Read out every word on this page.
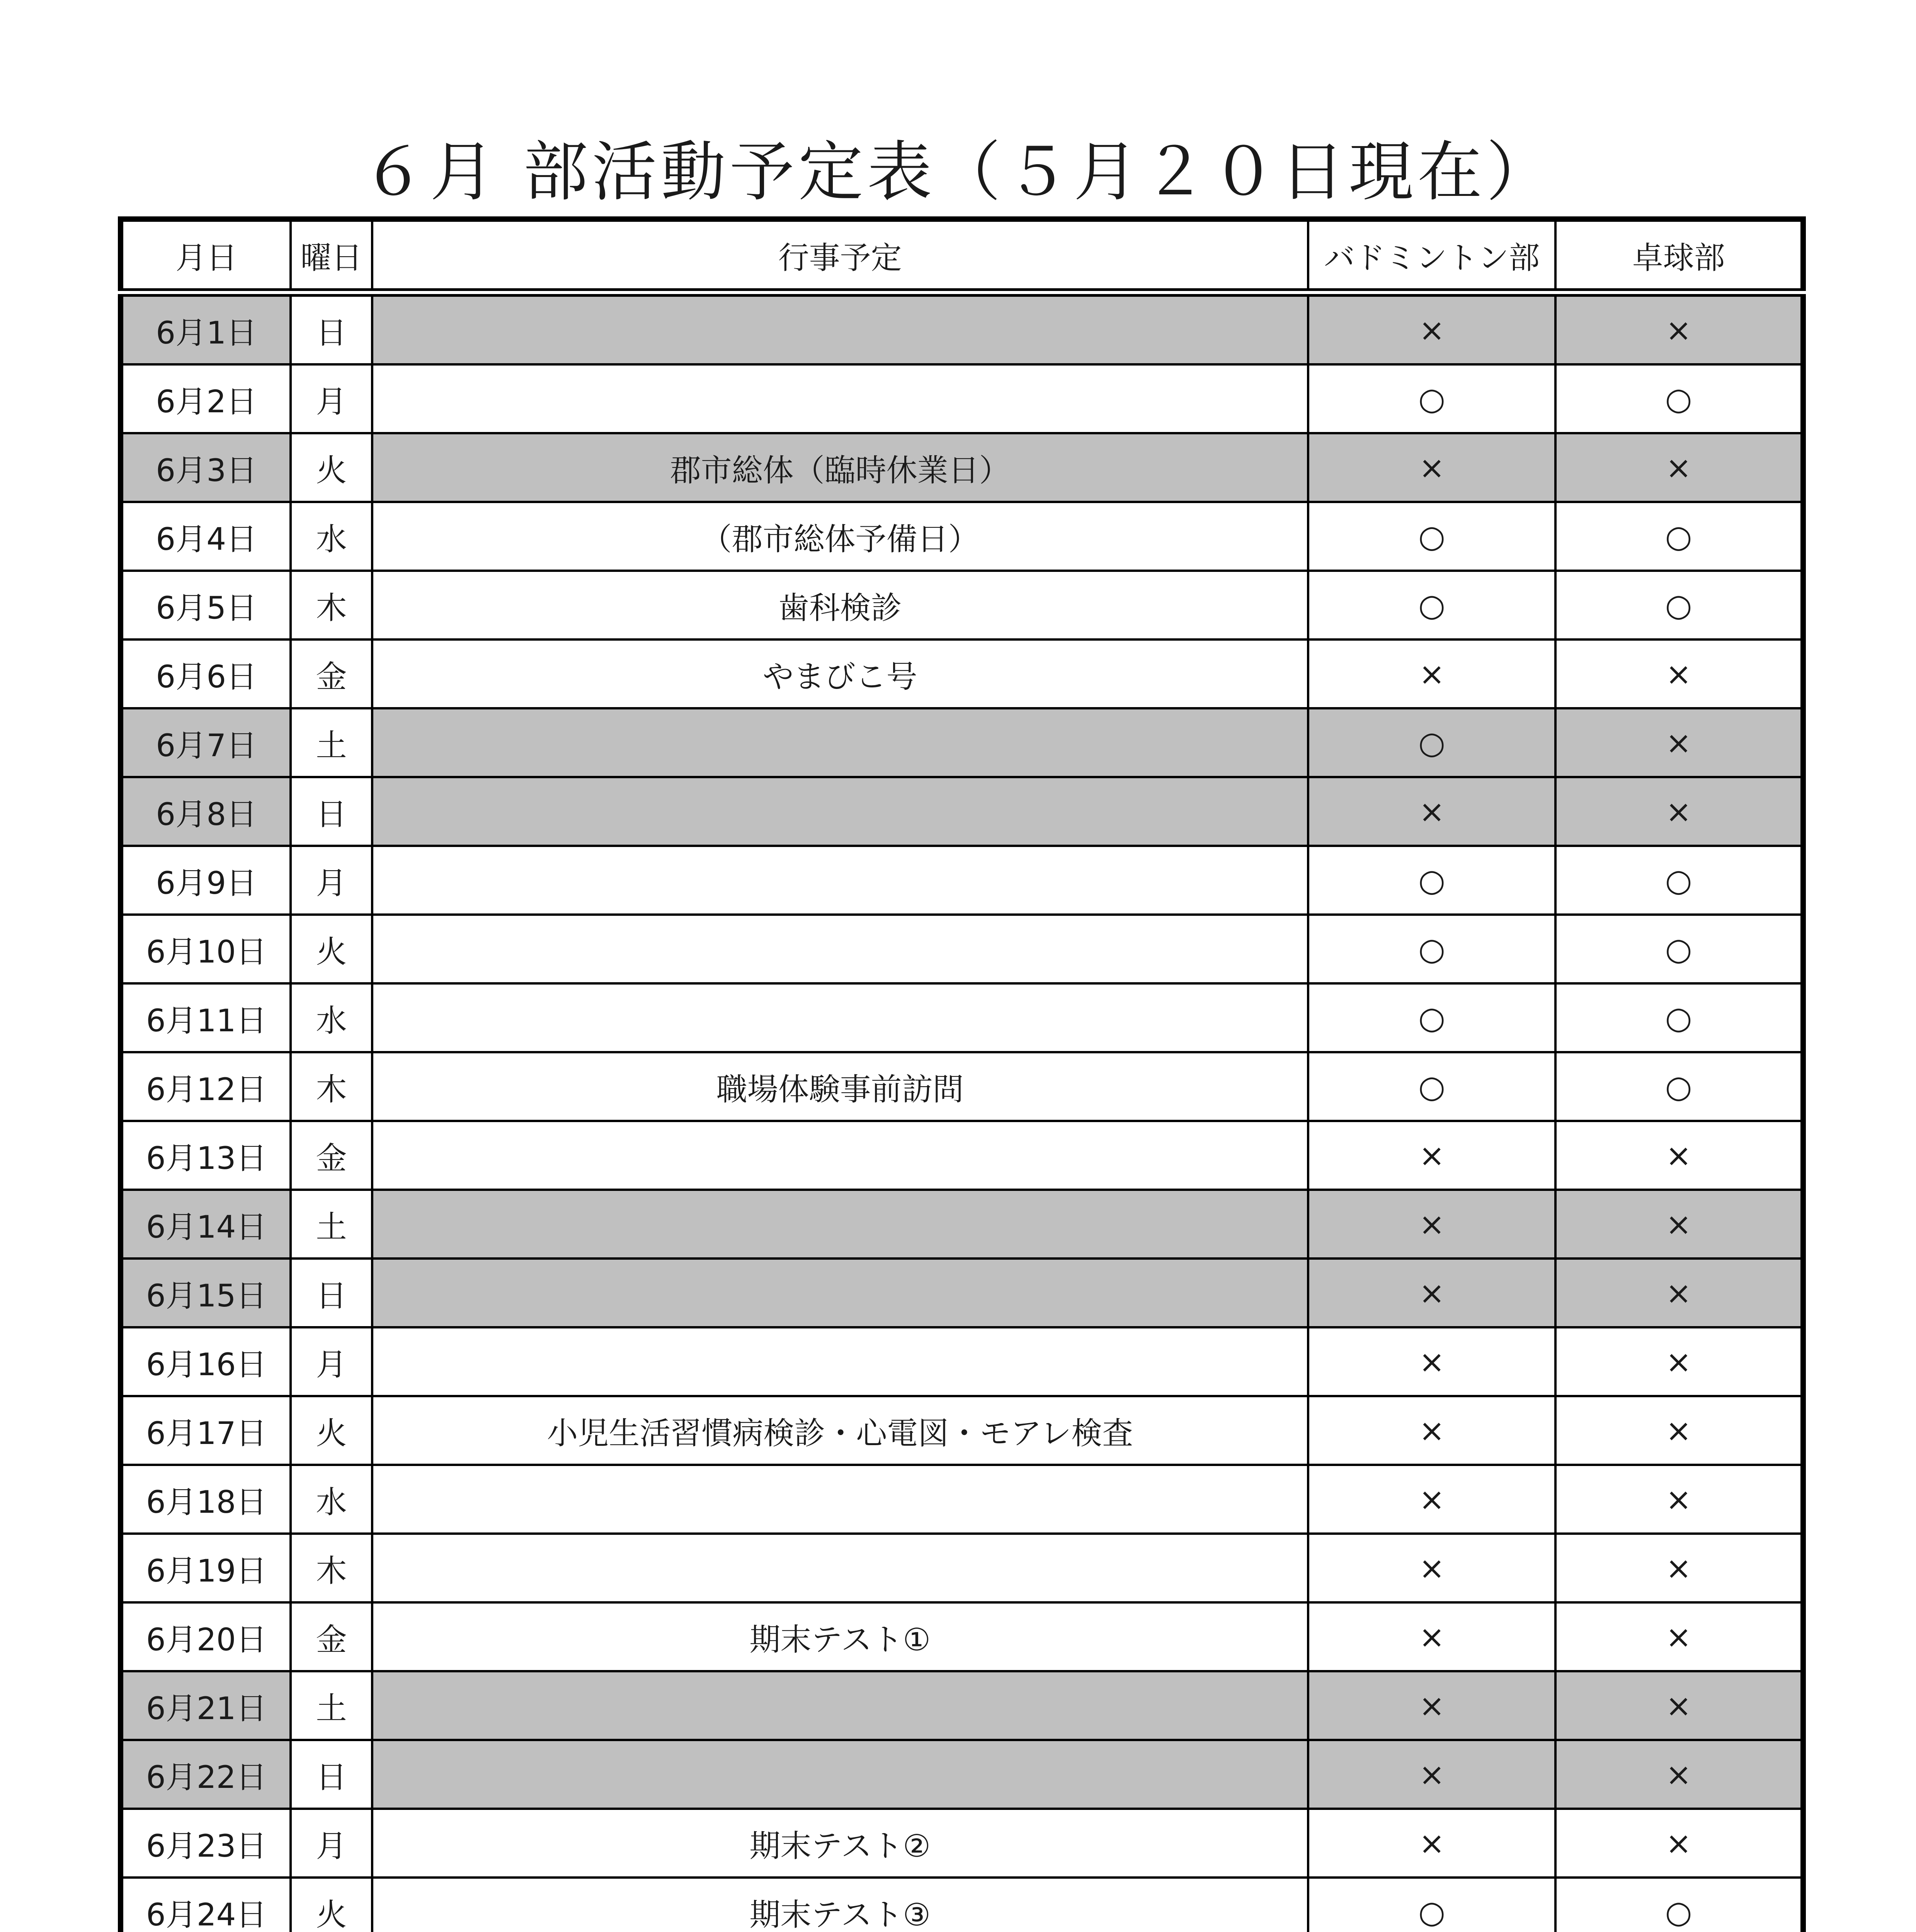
６月 部活動予定表（５月２０日現在）
月日	曜日	行事予定	バドミントン部	卓球部
6月1日	日		×	×
6月2日	月		○	○
6月3日	火	郡市総体（臨時休業日）	×	×
6月4日	水	（郡市総体予備日）	○	○
6月5日	木	歯科検診	○	○
6月6日	金	やまびこ号	×	×
6月7日	土		○	×
6月8日	日		×	×
6月9日	月		○	○
6月10日	火		○	○
6月11日	水		○	○
6月12日	木	職場体験事前訪問	○	○
6月13日	金		×	×
6月14日	土		×	×
6月15日	日		×	×
6月16日	月		×	×
6月17日	火	小児生活習慣病検診・心電図・モアレ検査	×	×
6月18日	水		×	×
6月19日	木		×	×
6月20日	金	期末テスト①	×	×
6月21日	土		×	×
6月22日	日		×	×
6月23日	月	期末テスト②	×	×
6月24日	火	期末テスト③	○	○
